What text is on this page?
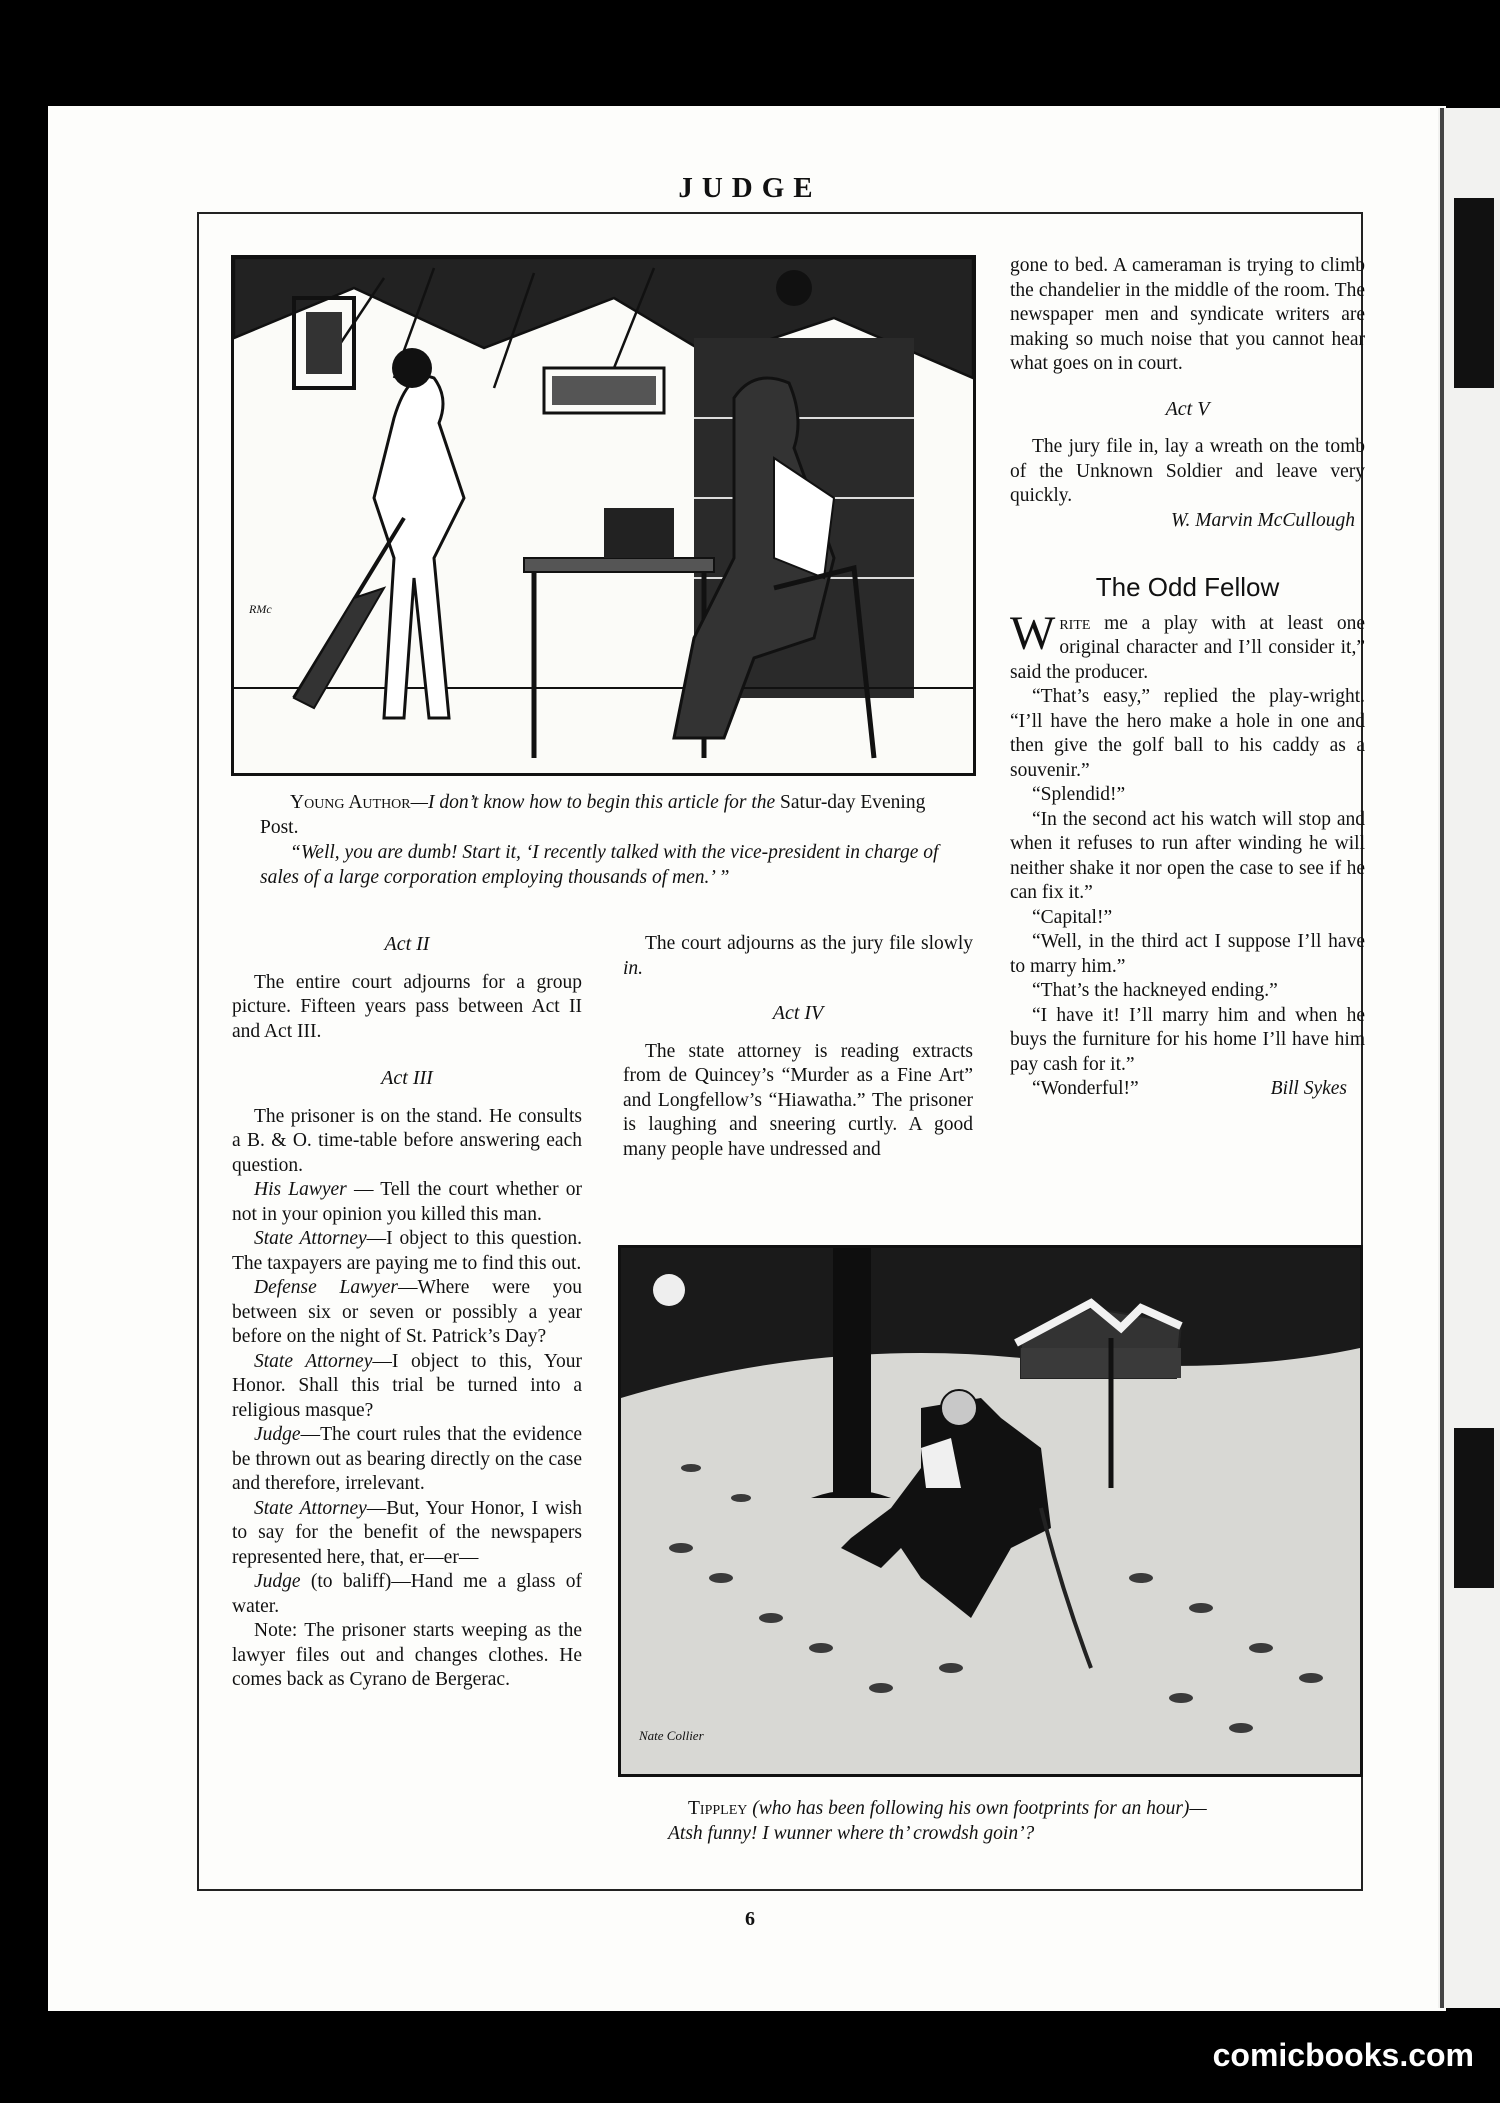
JUDGE
RMc
Young Author—I don’t know how to begin this article for the Satur-day Evening Post.
“Well, you are dumb! Start it, ‘I recently talked with the vice-president in charge of sales of a large corporation employing thousands of men.’ ”
Act II

The entire court adjourns for a group picture. Fifteen years pass between Act II and Act III.

Act III

The prisoner is on the stand. He consults a B. & O. time-table before answering each question.

His Lawyer — Tell the court whether or not in your opinion you killed this man.

State Attorney—I object to this question. The taxpayers are paying me to find this out.

Defense Lawyer—Where were you between six or seven or possibly a year before on the night of St. Patrick’s Day?

State Attorney—I object to this, Your Honor. Shall this trial be turned into a religious masque?

Judge—The court rules that the evidence be thrown out as bearing directly on the case and therefore, irrelevant.

State Attorney—But, Your Honor, I wish to say for the benefit of the newspapers represented here, that, er—er—

Judge (to baliff)—Hand me a glass of water.

Note: The prisoner starts weeping as the lawyer files out and changes clothes. He comes back as Cyrano de Bergerac.

The court adjourns as the jury file slowly in.

Act IV

The state attorney is reading extracts from de Quincey’s “Murder as a Fine Art” and Longfellow’s “Hiawatha.” The prisoner is laughing and sneering curtly. A good many people have undressed and

gone to bed. A cameraman is trying to climb the chandelier in the middle of the room. The newspaper men and syndicate writers are making so much noise that you cannot hear what goes on in court.

Act V

The jury file in, lay a wreath on the tomb of the Unknown Soldier and leave very quickly.

W. Marvin McCullough
The Odd Fellow

Write me a play with at least one original character and I’ll consider it,” said the producer.

“That’s easy,” replied the play-wright. “I’ll have the hero make a hole in one and then give the golf ball to his caddy as a souvenir.”

“Splendid!”

“In the second act his watch will stop and when it refuses to run after winding he will neither shake it nor open the case to see if he can fix it.”

“Capital!”

“Well, in the third act I suppose I’ll have to marry him.”

“That’s the hackneyed ending.”

“I have it! I’ll marry him and when he buys the furniture for his home I’ll have him pay cash for it.”

“Wonderful!”	Bill Sykes

Nate Collier
Tippley (who has been following his own footprints for an hour)—
Atsh funny! I wunner where th’ crowdsh goin’?
6
comicbooks.com
